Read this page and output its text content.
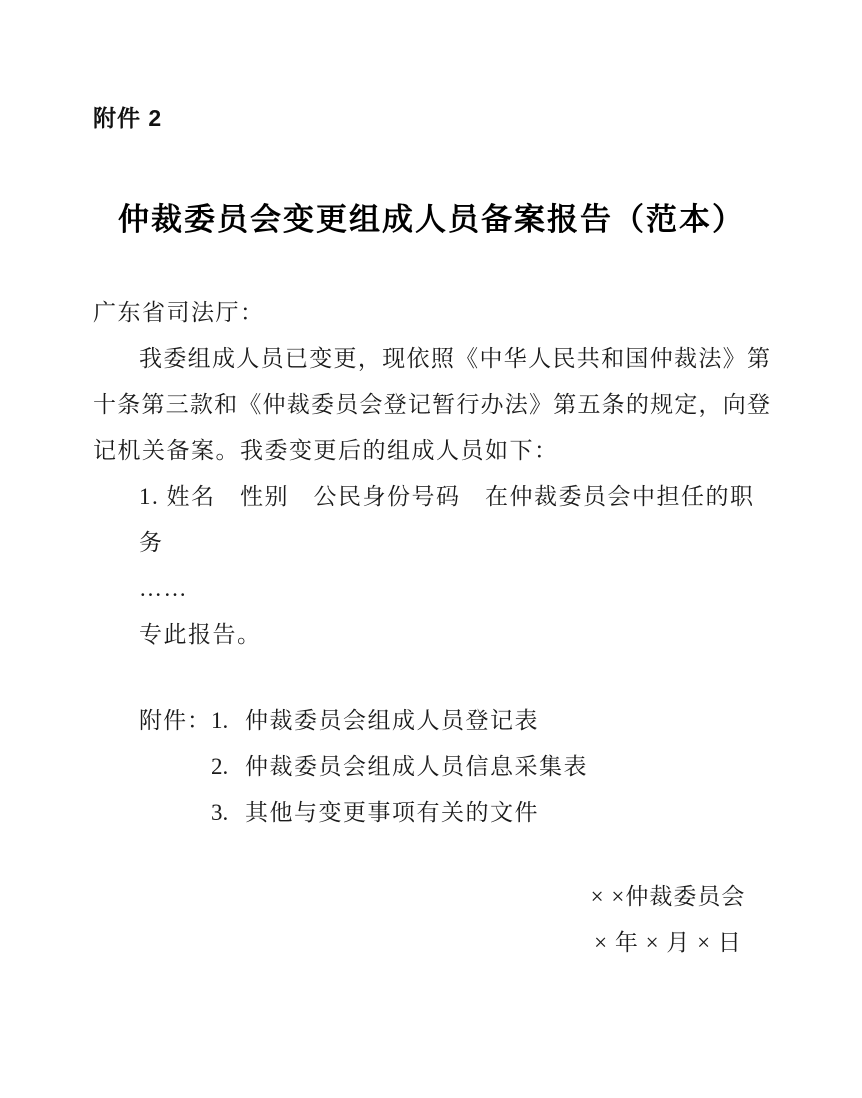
附件 2
仲裁委员会变更组成人员备案报告（范本）
广东省司法厅：
我委组成人员已变更，现依照《中华人民共和国仲裁法》第
十条第三款和《仲裁委员会登记暂行办法》第五条的规定，向登
记机关备案。我委变更后的组成人员如下：
1. 姓名　性别　公民身份号码　在仲裁委员会中担任的职务
……
专此报告。
附件： 1. 仲裁委员会组成人员登记表
2. 仲裁委员会组成人员信息采集表
3. 其他与变更事项有关的文件
× ×仲裁委员会
× 年 × 月 × 日
